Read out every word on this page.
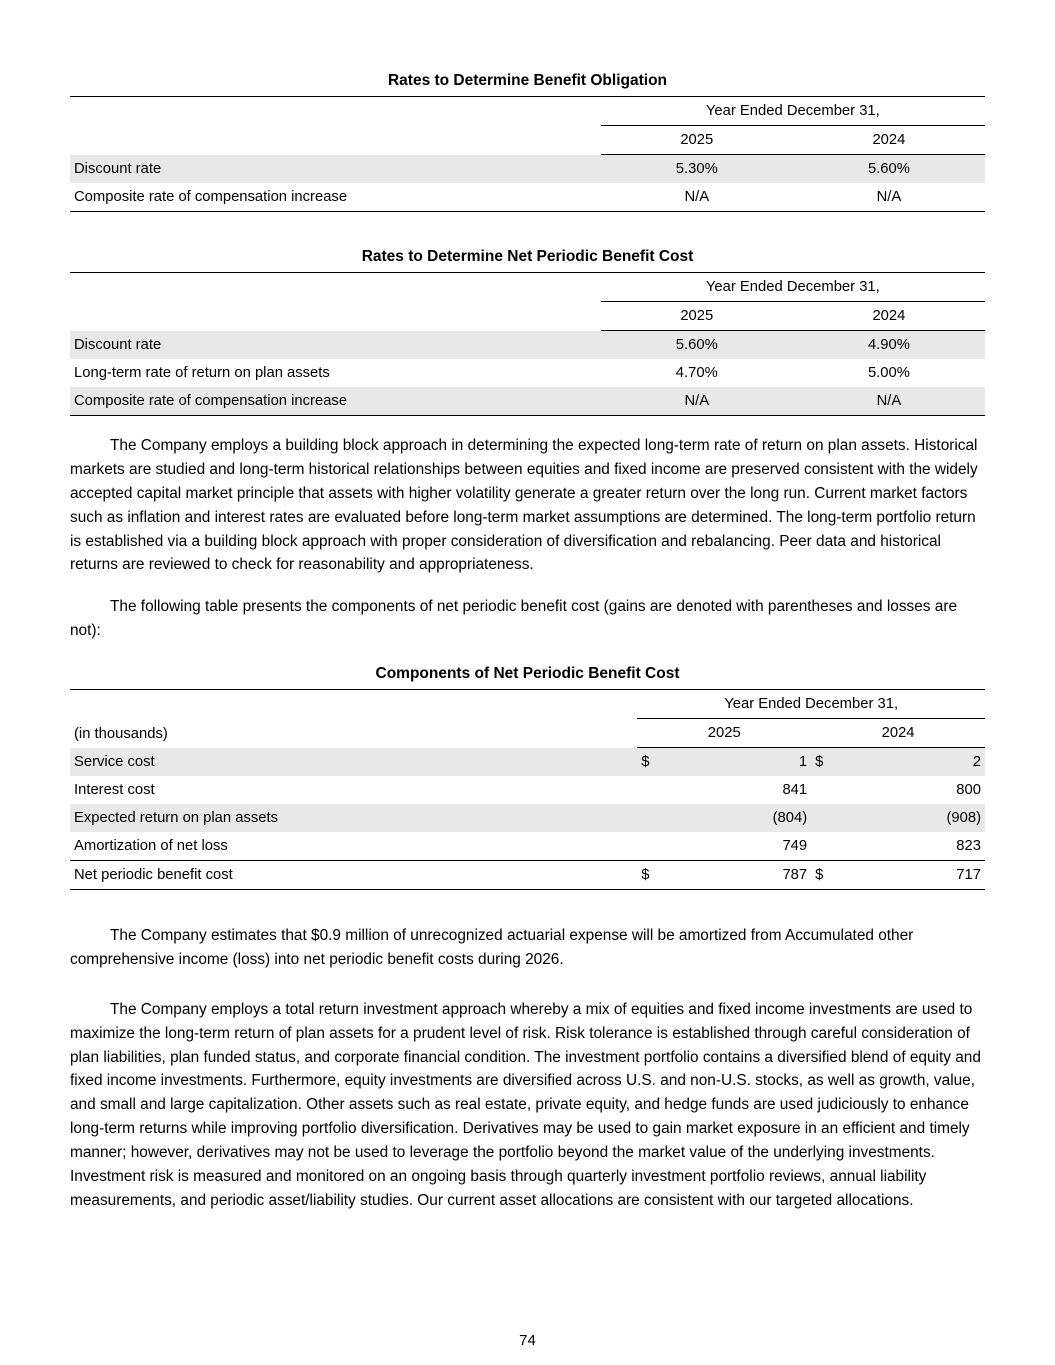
Rates to Determine Benefit Obligation
	Year Ended December 31,	
	2025	2024
Discount rate	5.30%	5.60%
Composite rate of compensation increase	N/A	N/A
Rates to Determine Net Periodic Benefit Cost
	Year Ended December 31,	
	2025	2024
Discount rate	5.60%	4.90%
Long-term rate of return on plan assets	4.70%	5.00%
Composite rate of compensation increase	N/A	N/A

The Company employs a building block approach in determining the expected long-term rate of return on plan assets. Historical markets are studied and long-term historical relationships between equities and fixed income are preserved consistent with the widely accepted capital market principle that assets with higher volatility generate a greater return over the long run. Current market factors such as inflation and interest rates are evaluated before long-term market assumptions are determined. The long-term portfolio return is established via a building block approach with proper consideration of diversification and rebalancing. Peer data and historical returns are reviewed to check for reasonability and appropriateness.

The following table presents the components of net periodic benefit cost (gains are denoted with parentheses and losses are not):

Components of Net Periodic Benefit Cost
	Year Ended December 31,			
(in thousands)	2025		2024	
Service cost	$	1	$	2
Interest cost		841		800
Expected return on plan assets		(804)		(908)
Amortization of net loss		749		823
Net periodic benefit cost	$	787	$	717

The Company estimates that $0.9 million of unrecognized actuarial expense will be amortized from Accumulated other comprehensive income (loss) into net periodic benefit costs during 2026.

The Company employs a total return investment approach whereby a mix of equities and fixed income investments are used to maximize the long-term return of plan assets for a prudent level of risk. Risk tolerance is established through careful consideration of plan liabilities, plan funded status, and corporate financial condition. The investment portfolio contains a diversified blend of equity and fixed income investments. Furthermore, equity investments are diversified across U.S. and non-U.S. stocks, as well as growth, value, and small and large capitalization. Other assets such as real estate, private equity, and hedge funds are used judiciously to enhance long-term returns while improving portfolio diversification. Derivatives may be used to gain market exposure in an efficient and timely manner; however, derivatives may not be used to leverage the portfolio beyond the market value of the underlying investments. Investment risk is measured and monitored on an ongoing basis through quarterly investment portfolio reviews, annual liability measurements, and periodic asset/liability studies. Our current asset allocations are consistent with our targeted allocations.

74
